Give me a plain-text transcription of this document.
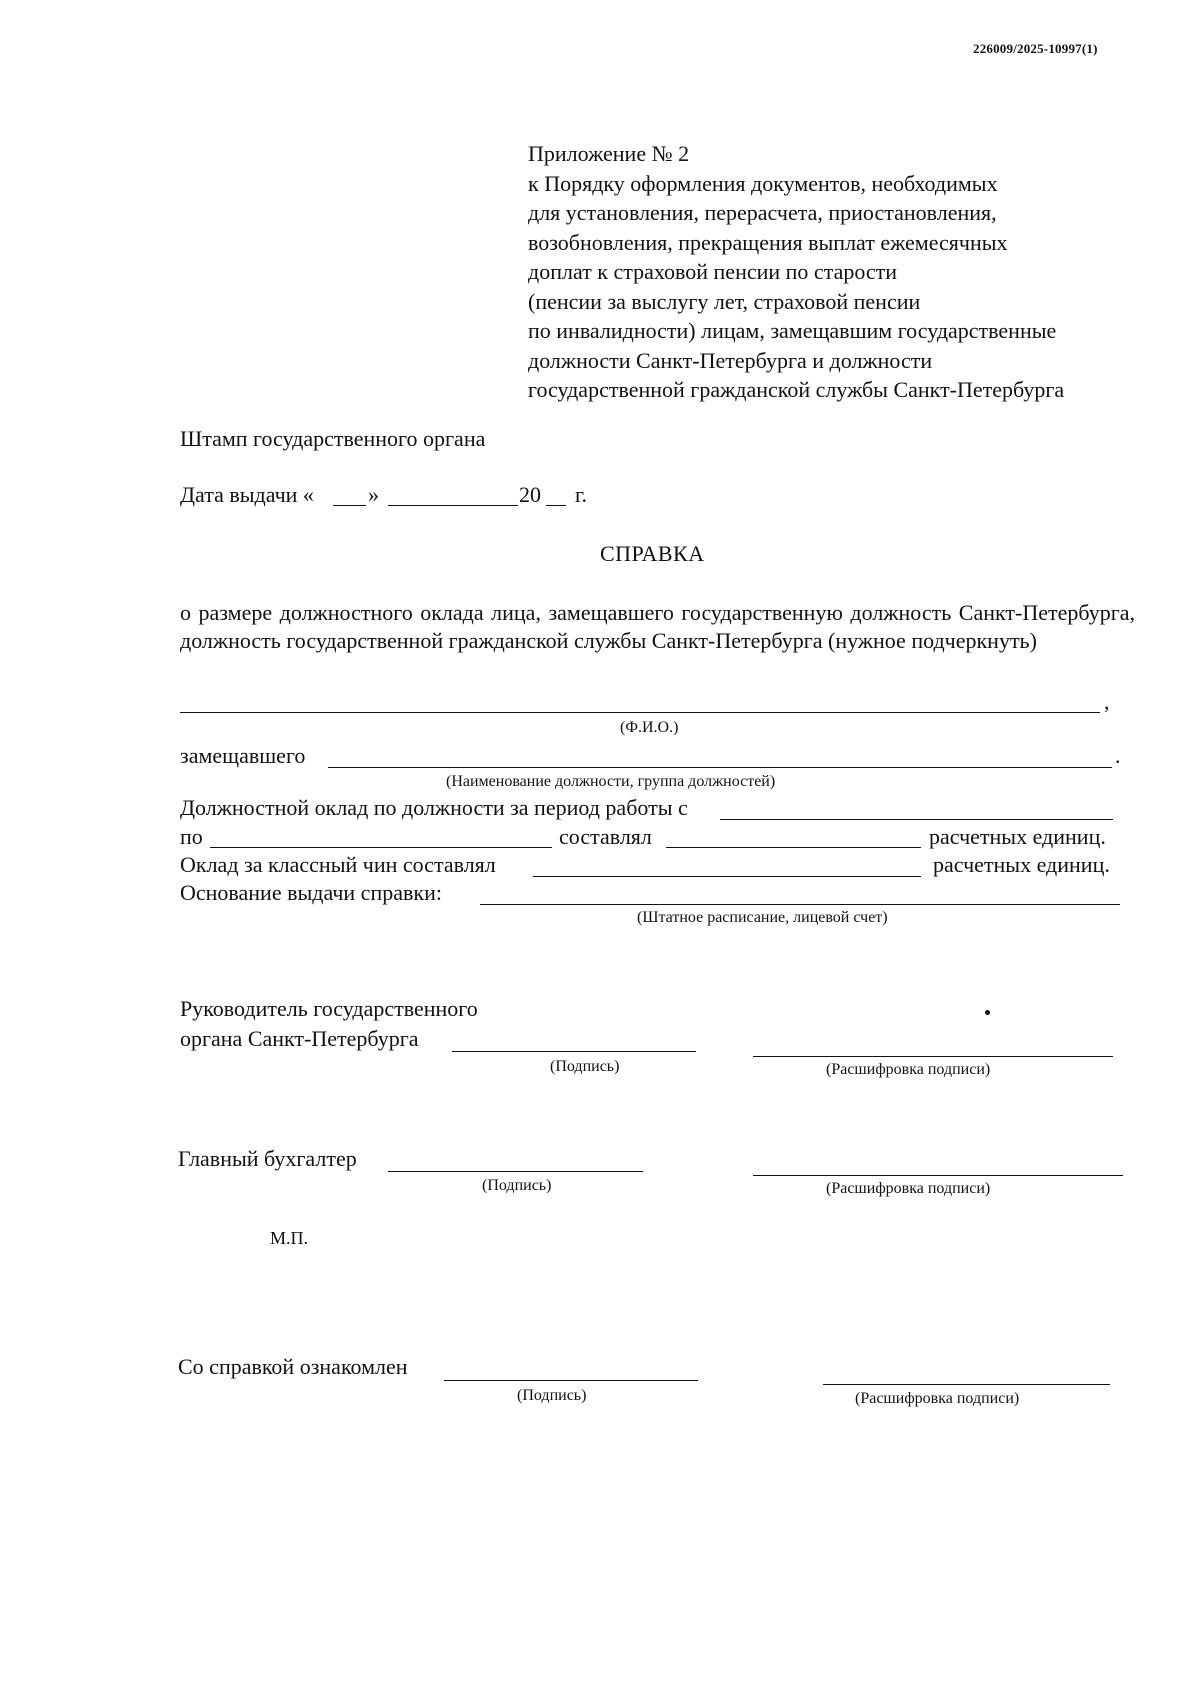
226009/2025-10997(1)
Приложение № 2
к Порядку оформления документов, необходимых
для установления, перерасчета, приостановления,
возобновления, прекращения выплат ежемесячных
доплат к страховой пенсии по старости
(пенсии за выслугу лет, страховой пенсии
по инвалидности) лицам, замещавшим государственные
должности Санкт-Петербурга и должности
государственной гражданской службы Санкт-Петербурга
Штамп государственного органа
Дата выдачи « »	20 г.
СПРАВКА
о размере должностного оклада лица, замещавшего государственную должность Санкт-Петербурга, должность государственной гражданской службы Санкт-Петербурга (нужное подчеркнуть)
,
(Ф.И.О.)
замещавшего	.
(Наименование должности, группа должностей)
Должностной оклад по должности за период работы с
по	составлял	расчетных единиц.
Оклад за классный чин составлял	расчетных единиц.
Основание выдачи справки:
(Штатное расписание, лицевой счет)
Руководитель государственного
органа Санкт-Петербурга
(Подпись)	(Расшифровка подписи)
Главный бухгалтер
(Подпись)	(Расшифровка подписи)
М.П.
Со справкой ознакомлен
(Подпись)	(Расшифровка подписи)
